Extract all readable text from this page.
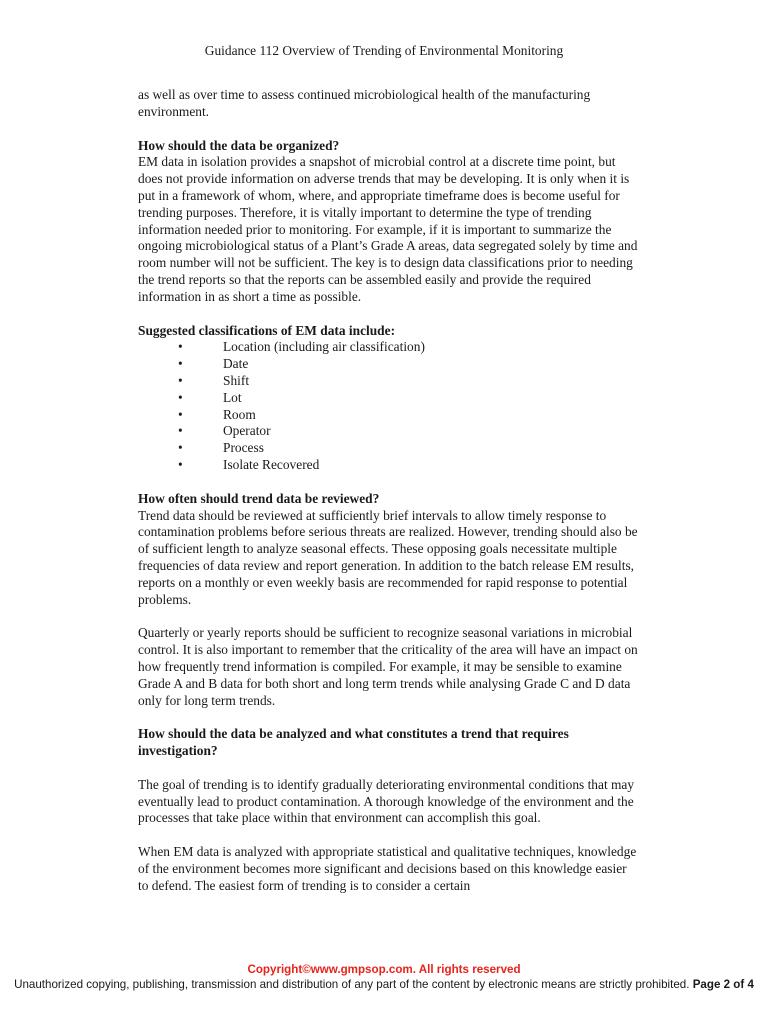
Guidance 112 Overview of Trending of Environmental Monitoring

as well as over time to assess continued microbiological health of the manufacturing environment.

How should the data be organized?

EM data in isolation provides a snapshot of microbial control at a discrete time point, but does not provide information on adverse trends that may be developing. It is only when it is put in a framework of whom, where, and appropriate timeframe does is become useful for trending purposes. Therefore, it is vitally important to determine the type of trending information needed prior to monitoring. For example, if it is important to summarize the ongoing microbiological status of a Plant’s Grade A areas, data segregated solely by time and room number will not be sufficient. The key is to design data classifications prior to needing the trend reports so that the reports can be assembled easily and provide the required information in as short a time as possible.

Suggested classifications of EM data include:

•	Location (including air classification)
•	Date
•	Shift
•	Lot
•	Room
•	Operator
•	Process
•	Isolate Recovered

How often should trend data be reviewed?

Trend data should be reviewed at sufficiently brief intervals to allow timely response to contamination problems before serious threats are realized. However, trending should also be of sufficient length to analyze seasonal effects. These opposing goals necessitate multiple frequencies of data review and report generation. In addition to the batch release EM results, reports on a monthly or even weekly basis are recommended for rapid response to potential problems.

Quarterly or yearly reports should be sufficient to recognize seasonal variations in microbial control. It is also important to remember that the criticality of the area will have an impact on how frequently trend information is compiled. For example, it may be sensible to examine Grade A and B data for both short and long term trends while analysing Grade C and D data only for long term trends.

How should the data be analyzed and what constitutes a trend that requires investigation?

The goal of trending is to identify gradually deteriorating environmental conditions that may eventually lead to product contamination. A thorough knowledge of the environment and the processes that take place within that environment can accomplish this goal.

When EM data is analyzed with appropriate statistical and qualitative techniques, knowledge of the environment becomes more significant and decisions based on this knowledge easier to defend. The easiest form of trending is to consider a certain

Copyright©www.gmpsop.com. All rights reserved
Unauthorized copying, publishing, transmission and distribution of any part of the content by electronic means are strictly prohibited. Page 2 of 4
